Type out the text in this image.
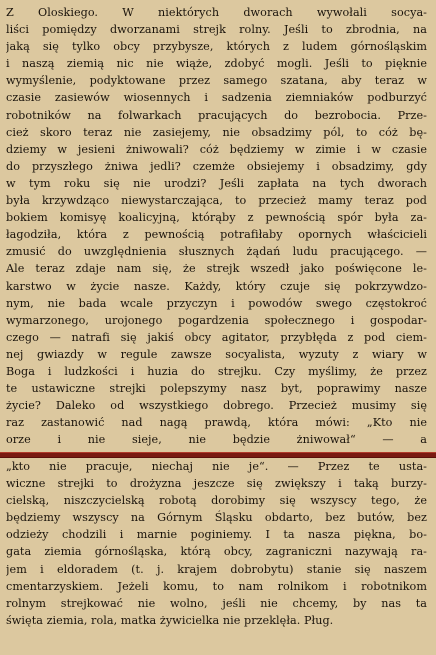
Z Oloskiego. W niektórych dworach wywołali socya-
liści pomiędzy dworzanami strejk rolny. Jeśli to zbrodnia, na
jaką się tylko obcy przybysze, których z ludem górnośląskim
i naszą ziemią nic nie wiąże, zdobyć mogli. Jeśli to pięknie
wymyślenie, podyktowane przez samego szatana, aby teraz w
czasie zasiewów wiosennych i sadzenia ziemniaków podburzyć
robotników na folwarkach pracujących do bezrobocia. Prze-
cież skoro teraz nie zasiejemy, nie obsadzimy pól, to cóż bę-
dziemy w jesieni żniwowali? cóż będziemy w zimie i w czasie
do przyszłego żniwa jedli? czemże obsiejemy i obsadzimy, gdy
w tym roku się nie urodzi? Jeśli zapłata na tych dworach
była krzywdząco niewystarczająca, to przecież mamy teraz pod
bokiem komisyę koalicyjną, którąby z pewnością spór była za-
łagodziła, która z pewnością potrafiłaby opornych właścicieli
zmusić do uwzględnienia słusznych żądań ludu pracującego. —
Ale teraz zdaje nam się, że strejk wszedł jako poświęcone le-
karstwo w życie nasze. Każdy, który czuje się pokrzywdzo-
nym, nie bada wcale przyczyn i powodów swego częstokroć
wymarzonego, urojonego pogardzenia społecznego i gospodar-
czego — natrafi się jakiś obcy agitator, przybłęda z pod ciem-
nej gwiazdy w regule zawsze socyalista, wyzuty z wiary w
Boga i ludzkości i huzia do strejku. Czy myślimy, że przez
te ustawiczne strejki polepszymy nasz byt, poprawimy nasze
życie? Daleko od wszystkiego dobrego. Przecież musimy się
raz zastanowić nad nagą prawdą, która mówi: „Kto nie
orze i nie sieje, nie będzie żniwował“ — a
„kto nie pracuje, niechaj nie je“. — Przez te usta-
wiczne strejki to drożyzna jeszcze się zwiększy i taką burzy-
cielską, niszczycielską robotą dorobimy się wszyscy tego, że
będziemy wszyscy na Górnym Śląsku obdarto, bez butów, bez
odzieży chodzili i marnie poginiemy. I ta nasza piękna, bo-
gata ziemia górnośląska, którą obcy, zagraniczni nazywają ra-
jem i eldoradem (t. j. krajem dobrobytu) stanie się naszem
cmentarzyskiem. Jeżeli komu, to nam rolnikom i robotnikom
rolnym strejkować nie wolno, jeśli nie chcemy, by nas ta
święta ziemia, rola, matka żywicielka nie przeklęła. Pług.
